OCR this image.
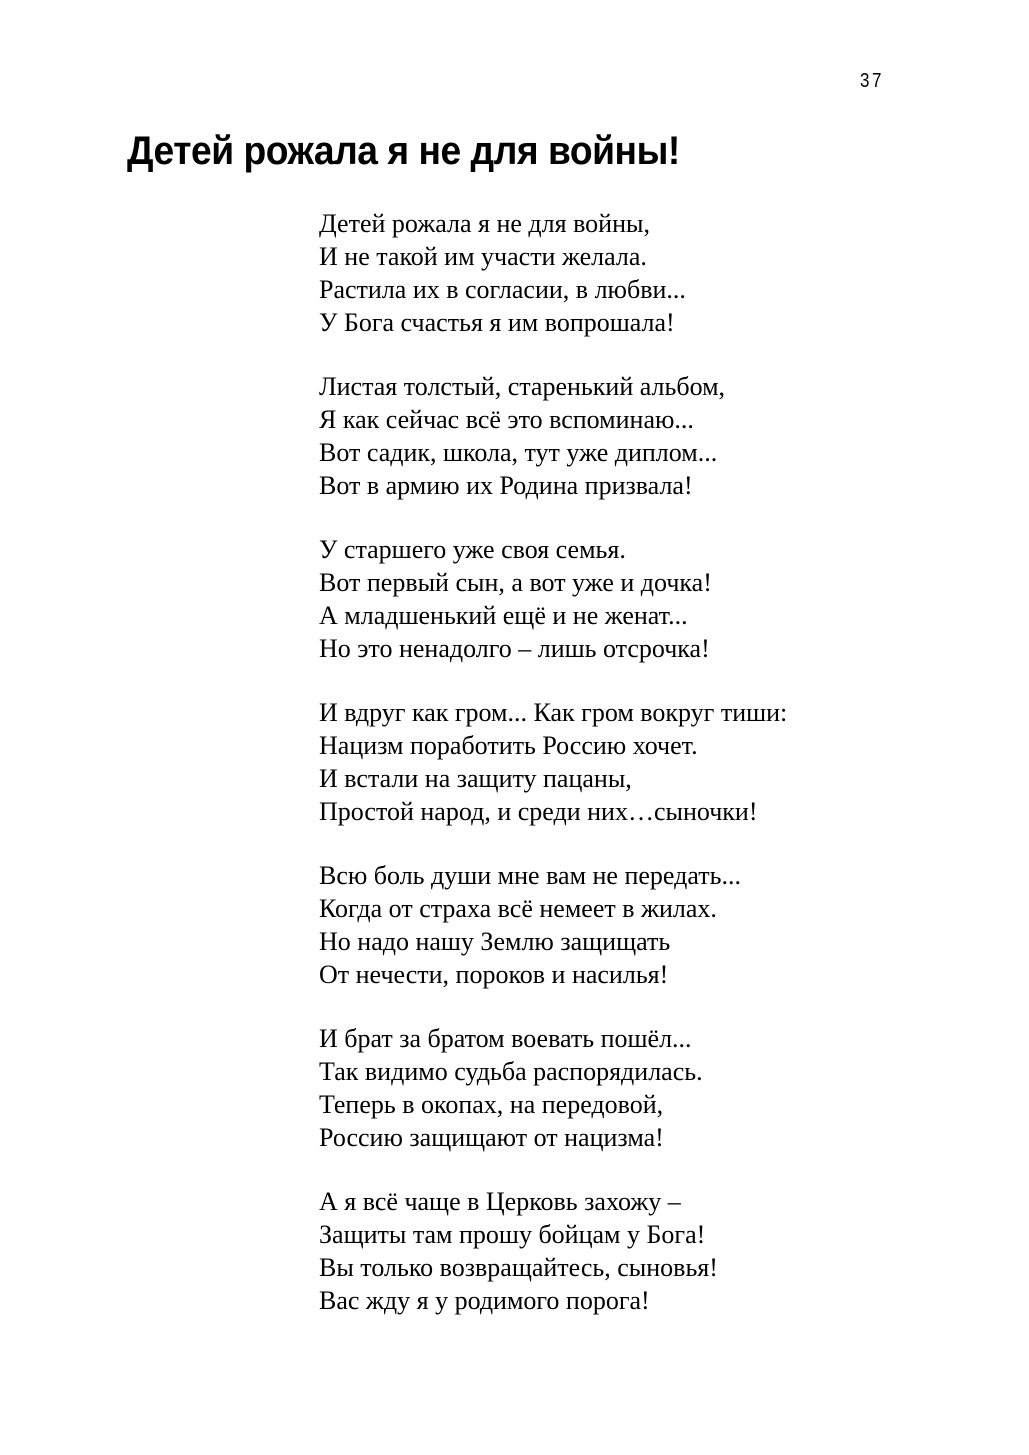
37
Детей рожала я не для войны!
Детей рожала я не для войны,
И не такой им участи желала.
Растила их в согласии, в любви...
У Бога счастья я им вопрошала!
Листая толстый, старенький альбом,
Я как сейчас всё это вспоминаю...
Вот садик, школа, тут уже диплом...
Вот в армию их Родина призвала!
У старшего уже своя семья.
Вот первый сын, а вот уже и дочка!
А младшенький ещё и не женат...
Но это ненадолго – лишь отсрочка!
И вдруг как гром... Как гром вокруг тиши:
Нацизм поработить Россию хочет.
И встали на защиту пацаны,
Простой народ, и среди них…сыночки!
Всю боль души мне вам не передать...
Когда от страха всё немеет в жилах.
Но надо нашу Землю защищать
От нечести, пороков и насилья!
И брат за братом воевать пошёл...
Так видимо судьба распорядилась.
Теперь в окопах, на передовой,
Россию защищают от нацизма!
А я всё чаще в Церковь захожу –
Защиты там прошу бойцам у Бога!
Вы только возвращайтесь, сыновья!
Вас жду я у родимого порога!
